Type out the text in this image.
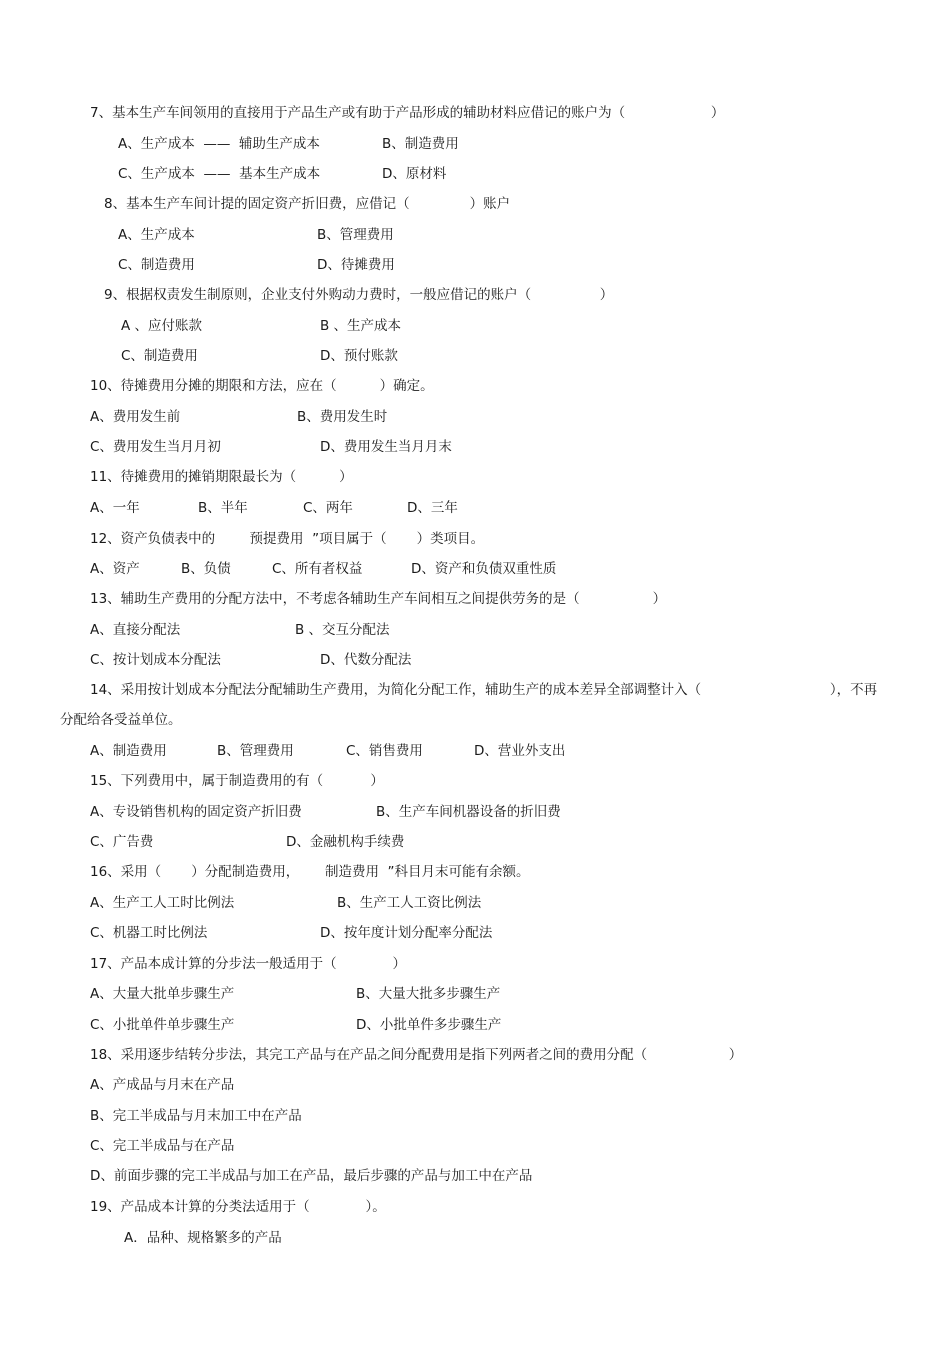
7、基本生产车间领用的直接用于产品生产或有助于产品形成的辅助材料应借记的账户为（                    ）
A、生产成本  ——  辅助生产成本	B、制造费用
C、生产成本  ——  基本生产成本	D、原材料
8、基本生产车间计提的固定资产折旧费，应借记（              ）账户
A、生产成本	B、管理费用
C、制造费用	D、待摊费用
9、根据权责发生制原则，企业支付外购动力费时，一般应借记的账户（                ）
A 、应付账款	B 、生产成本
C、制造费用	D、预付账款
10、待摊费用分摊的期限和方法，应在（          ）确定。
A、费用发生前	B、费用发生时
C、费用发生当月月初	D、费用发生当月月末
11、待摊费用的摊销期限最长为（          ）
A、一年	B、半年	C、两年	D、三年
12、资产负债表中的        预提费用  ”项目属于（       ）类项目。
A、资产	B、负债	C、所有者权益	D、资产和负债双重性质
13、辅助生产费用的分配方法中，不考虑各辅助生产车间相互之间提供劳务的是（                 ）
A、直接分配法	B 、交互分配法
C、按计划成本分配法	D、代数分配法
14、采用按计划成本分配法分配辅助生产费用，为简化分配工作，辅助生产的成本差异全部调整计入（                              ），不再
分配给各受益单位。
A、制造费用	B、管理费用	C、销售费用	D、营业外支出
15、下列费用中，属于制造费用的有（           ）
A、专设销售机构的固定资产折旧费	B、生产车间机器设备的折旧费
C、广告费	D、金融机构手续费
16、采用（       ）分配制造费用，      制造费用  ”科目月末可能有余额。
A、生产工人工时比例法	B、生产工人工资比例法
C、机器工时比例法	D、按年度计划分配率分配法
17、产品本成计算的分步法一般适用于（             ）
A、大量大批单步骤生产	B、大量大批多步骤生产
C、小批单件单步骤生产	D、小批单件多步骤生产
18、采用逐步结转分步法，其完工产品与在产品之间分配费用是指下列两者之间的费用分配（                   ）
A、产成品与月末在产品
B、完工半成品与月末加工中在产品
C、完工半成品与在产品
D、前面步骤的完工半成品与加工在产品，最后步骤的产品与加工中在产品
19、产品成本计算的分类法适用于（             ）。
A．品种、规格繁多的产品
